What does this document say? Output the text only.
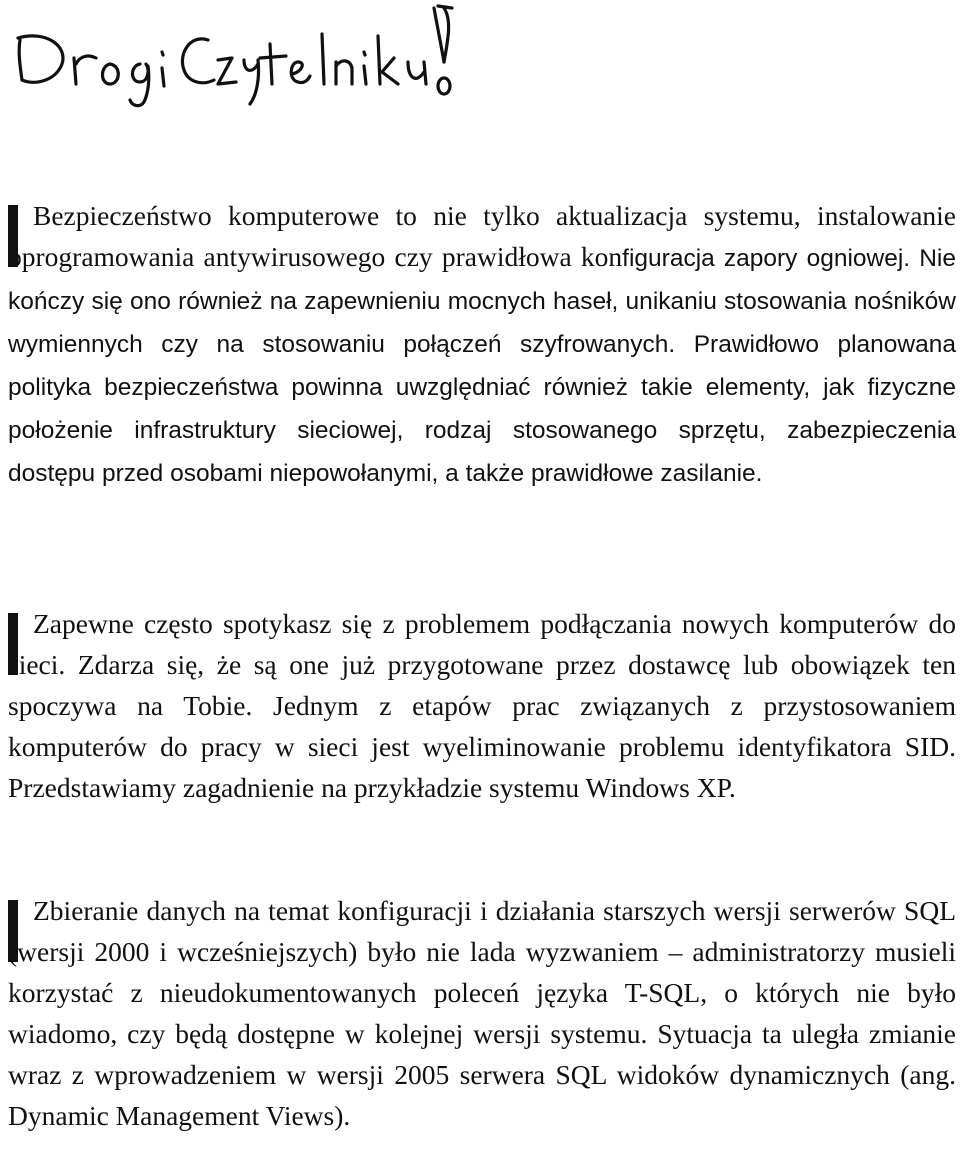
Bezpieczeństwo komputerowe to nie tylko aktualizacja systemu, instalowanie oprogramowania antywirusowego czy prawidłowa konfiguracja zapory ogniowej. Nie kończy się ono również na zapewnieniu mocnych haseł, unikaniu stosowania nośników wymiennych czy na stosowaniu połączeń szyfrowanych. Prawidłowo planowana polityka bezpieczeństwa powinna uwzględniać również takie elementy, jak fizyczne położenie infrastruktury sieciowej, rodzaj stosowanego sprzętu, zabezpieczenia dostępu przed osobami niepowołanymi, a także prawidłowe zasilanie.

Zapewne często spotykasz się z problemem podłączania nowych komputerów do sieci. Zdarza się, że są one już przygotowane przez dostawcę lub obowiązek ten spoczywa na Tobie. Jednym z etapów prac związanych z przystosowaniem komputerów do pracy w sieci jest wyeliminowanie problemu identyfikatora SID. Przedstawiamy zagadnienie na przykładzie systemu Windows XP.

Zbieranie danych na temat konfiguracji i działania starszych wersji serwerów SQL (wersji 2000 i wcześniejszych) było nie lada wyzwaniem – administratorzy musieli korzystać z nieudokumentowanych poleceń języka T-SQL, o których nie było wiadomo, czy będą dostępne w kolejnej wersji systemu. Sytuacja ta uległa zmianie wraz z wprowadzeniem w wersji 2005 serwera SQL widoków dynamicznych (ang. Dynamic Management Views).
